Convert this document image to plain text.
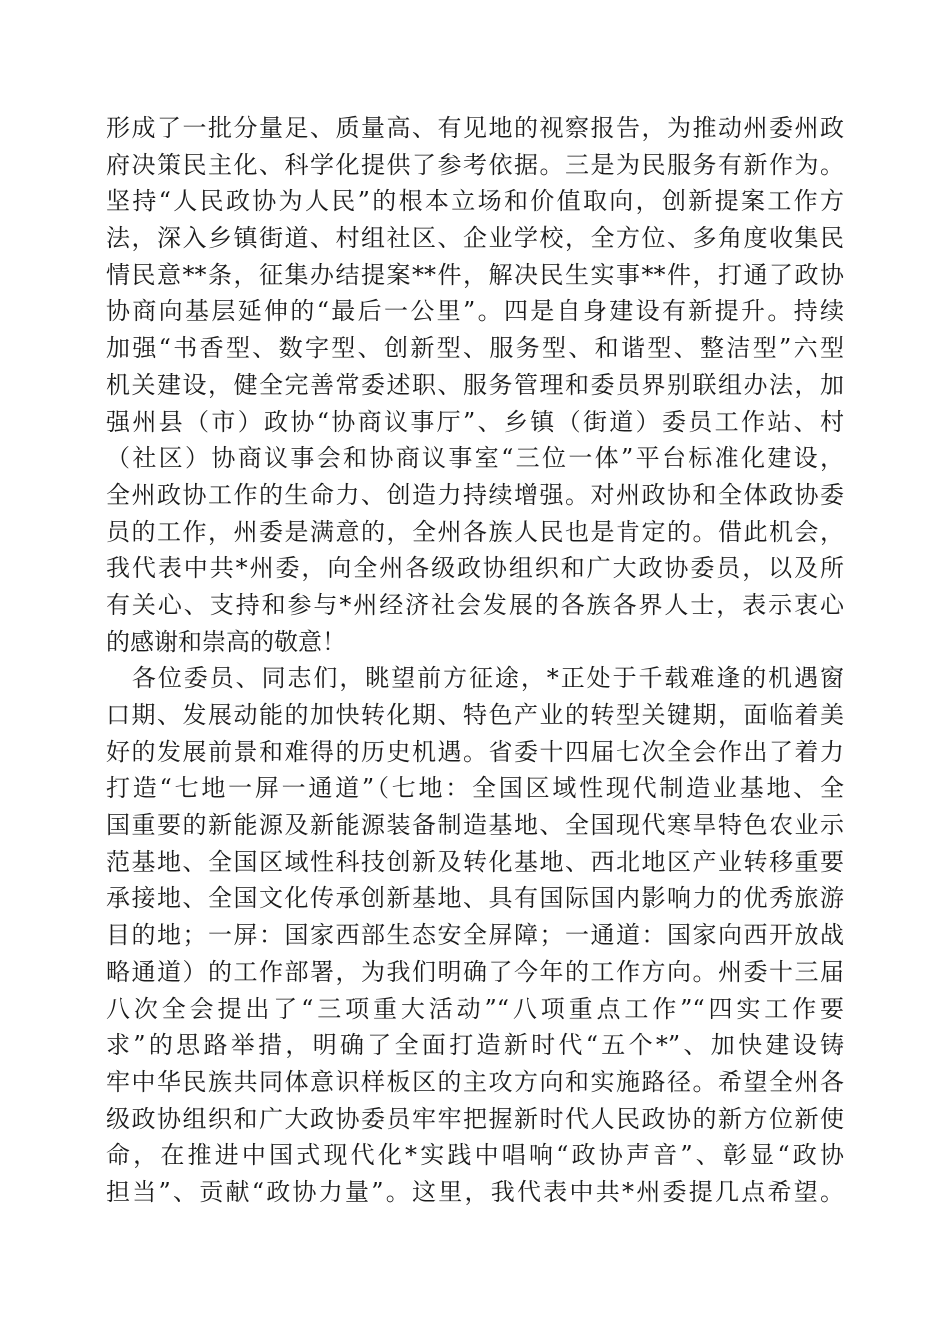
形成了一批分量足、质量高、有见地的视察报告，为推动州委州政
府决策民主化、科学化提供了参考依据。三是为民服务有新作为。
坚持“人民政协为人民”的根本立场和价值取向，创新提案工作方
法，深入乡镇街道、村组社区、企业学校，全方位、多角度收集民
情民意**条，征集办结提案**件，解决民生实事**件，打通了政协
协商向基层延伸的“最后一公里”。四是自身建设有新提升。持续
加强“书香型、数字型、创新型、服务型、和谐型、整洁型”六型
机关建设，健全完善常委述职、服务管理和委员界别联组办法，加
强州县（市）政协“协商议事厅”、乡镇（街道）委员工作站、村
（社区）协商议事会和协商议事室“三位一体”平台标准化建设，
全州政协工作的生命力、创造力持续增强。对州政协和全体政协委
员的工作，州委是满意的，全州各族人民也是肯定的。借此机会，
我代表中共*州委，向全州各级政协组织和广大政协委员，以及所
有关心、支持和参与*州经济社会发展的各族各界人士，表示衷心
的感谢和崇高的敬意！
　各位委员、同志们，眺望前方征途，*正处于千载难逢的机遇窗
口期、发展动能的加快转化期、特色产业的转型关键期，面临着美
好的发展前景和难得的历史机遇。省委十四届七次全会作出了着力
打造“七地一屏一通道”（七地：全国区域性现代制造业基地、全
国重要的新能源及新能源装备制造基地、全国现代寒旱特色农业示
范基地、全国区域性科技创新及转化基地、西北地区产业转移重要
承接地、全国文化传承创新基地、具有国际国内影响力的优秀旅游
目的地；一屏：国家西部生态安全屏障；一通道：国家向西开放战
略通道）的工作部署，为我们明确了今年的工作方向。州委十三届
八次全会提出了“三项重大活动”“八项重点工作”“四实工作要
求”的思路举措，明确了全面打造新时代“五个*”、加快建设铸
牢中华民族共同体意识样板区的主攻方向和实施路径。希望全州各
级政协组织和广大政协委员牢牢把握新时代人民政协的新方位新使
命，在推进中国式现代化*实践中唱响“政协声音”、彰显“政协
担当”、贡献“政协力量”。这里，我代表中共*州委提几点希望。
